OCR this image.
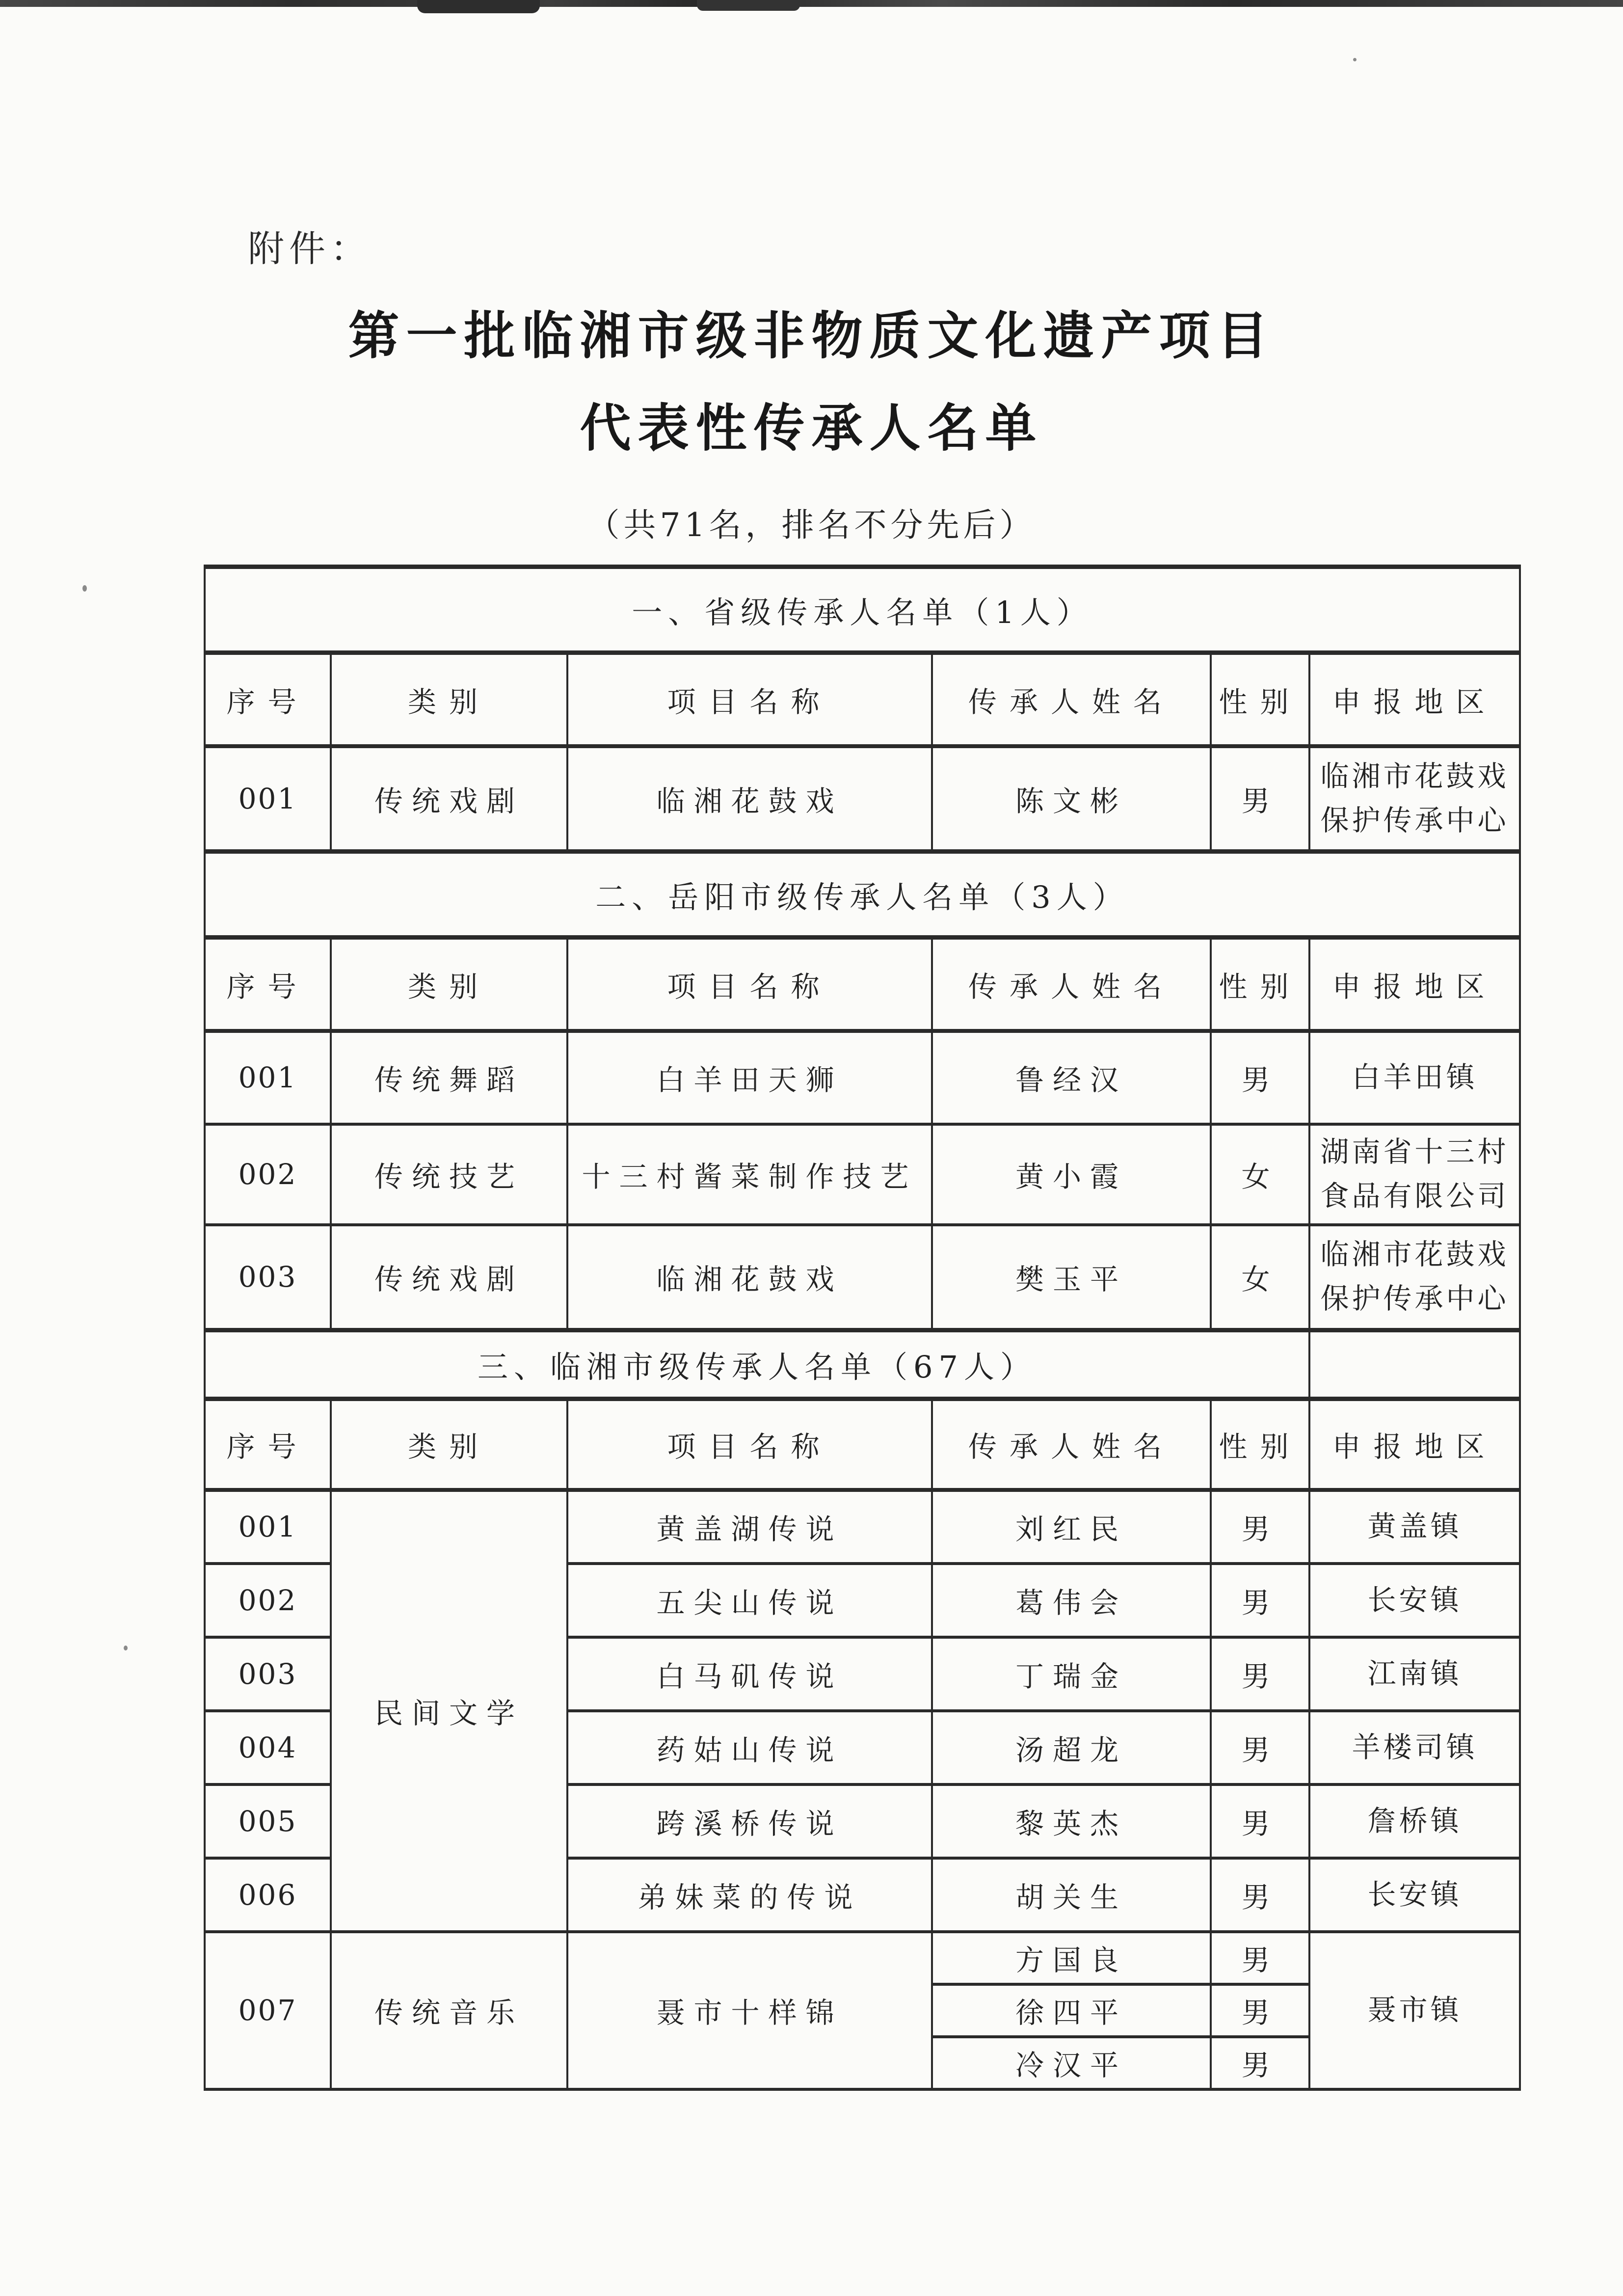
附件：
第一批临湘市级非物质文化遗产项目
代表性传承人名单
（共71名，排名不分先后）
一、省级传承人名单（1人）					
序号	类别	项目名称	传承人姓名	性别	申报地区
001	传统戏剧	临湘花鼓戏	陈文彬	男	临湘市花鼓戏保护传承中心
二、岳阳市级传承人名单（3人）					
序号	类别	项目名称	传承人姓名	性别	申报地区
001	传统舞蹈	白羊田天狮	鲁经汉	男	白羊田镇
002	传统技艺	十三村酱菜制作技艺	黄小霞	女	湖南省十三村食品有限公司
003	传统戏剧	临湘花鼓戏	樊玉平	女	临湘市花鼓戏保护传承中心
三、临湘市级传承人名单（67人）					
序号	类别	项目名称	传承人姓名	性别	申报地区
001	民间文学	黄盖湖传说	刘红民	男	黄盖镇
002		五尖山传说	葛伟会	男	长安镇
003		白马矶传说	丁瑞金	男	江南镇
004		药姑山传说	汤超龙	男	羊楼司镇
005		跨溪桥传说	黎英杰	男	詹桥镇
006		弟妹菜的传说	胡关生	男	长安镇
007	传统音乐	聂市十样锦	方国良	男	聂市镇
			徐四平	男	
			冷汉平	男	
